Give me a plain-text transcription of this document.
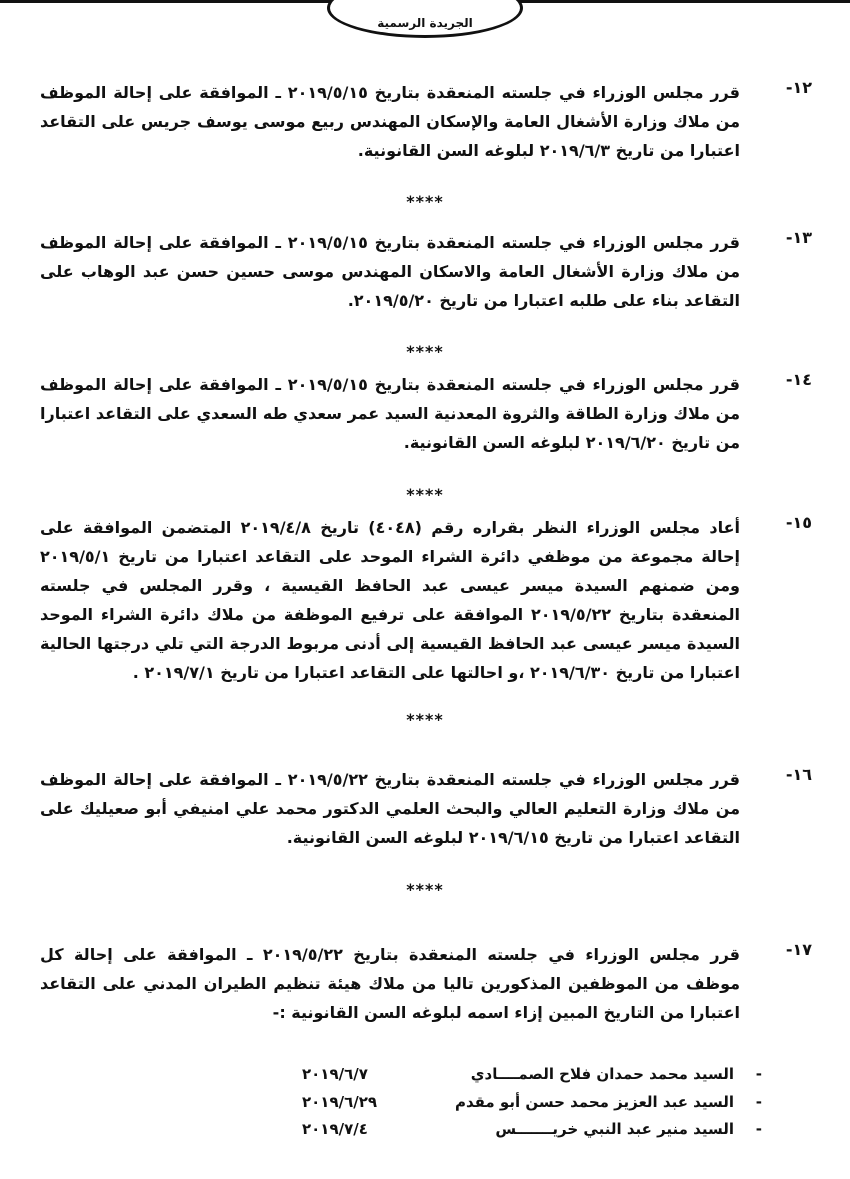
الجريدة الرسمية
١٢-
قرر مجلس الوزراء في جلسته المنعقدة بتاريخ ٢٠١٩/٥/١٥ ـ الموافقة على إحالة الموظف من ملاك وزارة الأشغال العامة والإسكان المهندس ربيع موسى يوسف جريس على التقاعد اعتبارا من تاريخ ٢٠١٩/٦/٣ لبلوغه السن القانونية.
****
١٣-
قرر مجلس الوزراء في جلسته المنعقدة بتاريخ ٢٠١٩/٥/١٥ ـ الموافقة على إحالة الموظف من ملاك وزارة الأشغال العامة والاسكان المهندس موسى حسين حسن عبد الوهاب على التقاعد بناء على طلبه اعتبارا من تاريخ ٢٠١٩/٥/٢٠.
****
١٤-
قرر مجلس الوزراء في جلسته المنعقدة بتاريخ ٢٠١٩/٥/١٥ ـ الموافقة على إحالة الموظف من ملاك وزارة الطاقة والثروة المعدنية السيد عمر سعدي طه السعدي على التقاعد اعتبارا من تاريخ ٢٠١٩/٦/٢٠ لبلوغه السن القانونية.
****
١٥-
أعاد مجلس الوزراء النظر بقراره رقم (٤٠٤٨) تاريخ ٢٠١٩/٤/٨ المتضمن الموافقة على إحالة مجموعة من موظفي دائرة الشراء الموحد على التقاعد اعتبارا من تاريخ ٢٠١٩/٥/١ ومن ضمنهم السيدة ميسر عيسى عبد الحافظ القيسية ، وقرر المجلس في جلسته المنعقدة بتاريخ ٢٠١٩/٥/٢٢ الموافقة على ترفيع الموظفة من ملاك دائرة الشراء الموحد السيدة ميسر عيسى عبد الحافظ القيسية إلى أدنى مربوط الدرجة التي تلي درجتها الحالية اعتبارا من تاريخ ٢٠١٩/٦/٣٠ ،و احالتها على التقاعد اعتبارا من تاريخ ٢٠١٩/٧/١ .
****
١٦-
قرر مجلس الوزراء في جلسته المنعقدة بتاريخ ٢٠١٩/٥/٢٢ ـ الموافقة على إحالة الموظف من ملاك وزارة التعليم العالي والبحث العلمي الدكتور محمد علي امنيفي أبو صعيليك على التقاعد اعتبارا من تاريخ ٢٠١٩/٦/١٥ لبلوغه السن القانونية.
****
١٧-
قرر مجلس الوزراء في جلسته المنعقدة بتاريخ ٢٠١٩/٥/٢٢ ـ الموافقة على إحالة كل موظف من الموظفين المذكورين تاليا من ملاك هيئة تنظيم الطيران المدني على التقاعد اعتبارا من التاريخ المبين إزاء اسمه لبلوغه السن القانونية :-
-
السيد محمد حمدان فلاح الصمــــادي
٢٠١٩/٦/٧
-
السيد عبد العزيز محمد حسن أبو مقدم
٢٠١٩/٦/٢٩
-
السيد منير عبد النبي خريـــــــس
٢٠١٩/٧/٤
